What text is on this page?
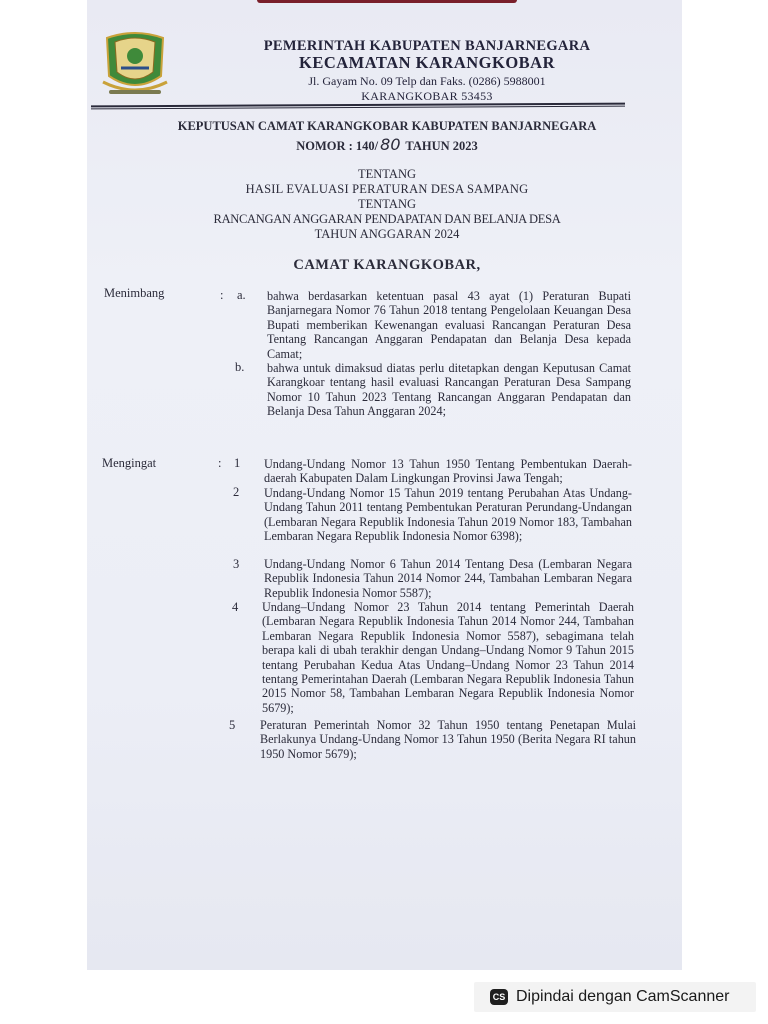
PEMERINTAH KABUPATEN BANJARNEGARA
KECAMATAN KARANGKOBAR
Jl. Gayam No. 09 Telp dan Faks. (0286) 5988001
KARANGKOBAR 53453
KEPUTUSAN CAMAT KARANGKOBAR KABUPATEN BANJARNEGARA
NOMOR : 140/ 80 TAHUN 2023
TENTANG
HASIL EVALUASI PERATURAN DESA SAMPANG
TENTANG
RANCANGAN ANGGARAN PENDAPATAN DAN BELANJA DESA
TAHUN ANGGARAN 2024
CAMAT KARANGKOBAR,
Menimbang	: a. bahwa berdasarkan ketentuan pasal 43 ayat (1) Peraturan Bupati Banjarnegara Nomor 76 Tahun 2018 tentang Pengelolaan Keuangan Desa Bupati memberikan Kewenangan evaluasi Rancangan Peraturan Desa Tentang Rancangan Anggaran Pendapatan dan Belanja Desa kepada Camat;
b. bahwa untuk dimaksud diatas perlu ditetapkan dengan Keputusan Camat Karangkoar tentang hasil evaluasi Rancangan Peraturan Desa Sampang Nomor 10 Tahun 2023 Tentang Rancangan Anggaran Pendapatan dan Belanja Desa Tahun Anggaran 2024;
Mengingat	: 1 Undang-Undang Nomor 13 Tahun 1950 Tentang Pembentukan Daerah-daerah Kabupaten Dalam Lingkungan Provinsi Jawa Tengah;
2 Undang-Undang Nomor 15 Tahun 2019 tentang Perubahan Atas Undang-Undang Tahun 2011 tentang Pembentukan Peraturan Perundang-Undangan (Lembaran Negara Republik Indonesia Tahun 2019 Nomor 183, Tambahan Lembaran Negara Republik Indonesia Nomor 6398);
3 Undang-Undang Nomor 6 Tahun 2014 Tentang Desa (Lembaran Negara Republik Indonesia Tahun 2014 Nomor 244, Tambahan Lembaran Negara Republik Indonesia Nomor 5587);
4 Undang–Undang Nomor 23 Tahun 2014 tentang Pemerintah Daerah (Lembaran Negara Republik Indonesia Tahun 2014 Nomor 244, Tambahan Lembaran Negara Republik Indonesia Nomor 5587), sebagimana telah berapa kali di ubah terakhir dengan Undang–Undang Nomor 9 Tahun 2015 tentang Perubahan Kedua Atas Undang–Undang Nomor 23 Tahun 2014 tentang Pemerintahan Daerah (Lembaran Negara Republik Indonesia Tahun 2015 Nomor 58, Tambahan Lembaran Negara Republik Indonesia Nomor 5679);
5 Peraturan Pemerintah Nomor 32 Tahun 1950 tentang Penetapan Mulai Berlakunya Undang-Undang Nomor 13 Tahun 1950 (Berita Negara RI tahun 1950 Nomor 5679);
CS Dipindai dengan CamScanner
